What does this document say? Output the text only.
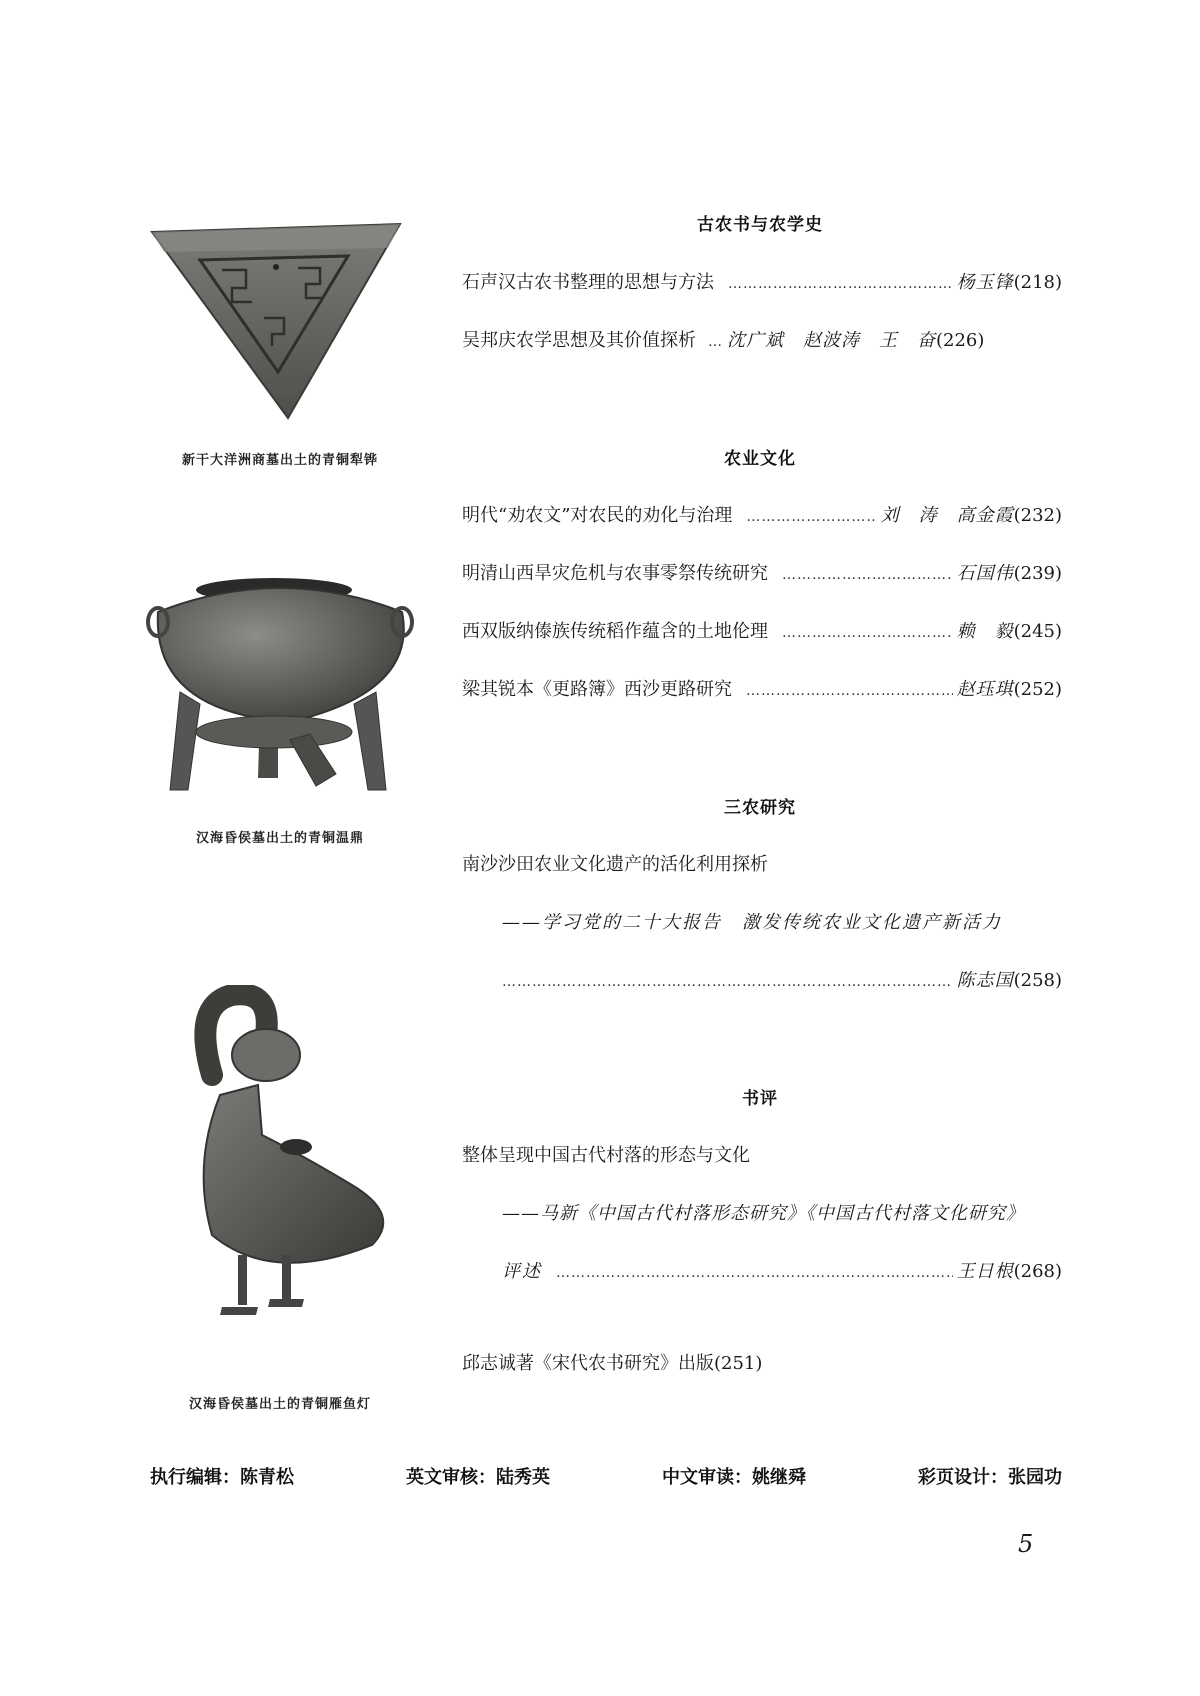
新干大洋洲商墓出土的青铜犁铧
汉海昏侯墓出土的青铜温鼎
汉海昏侯墓出土的青铜雁鱼灯
古农书与农学史
石声汉古农书整理的思想与方法 …………………………………………………………………………………………………………………………………………	杨玉锋 (218)
吴邦庆农学思想及其价值探析 … 沈广斌　赵波涛　王　奋 (226)
农业文化
明代“劝农文”对农民的劝化与治理 …………………………………………………………………………………………………………………………………………	刘　涛　高金霞 (232)
明清山西旱灾危机与农事零祭传统研究 …………………………………………………………………………………………………………………………………………	石国伟 (239)
西双版纳傣族传统稻作蕴含的土地伦理 …………………………………………………………………………………………………………………………………………	赖　毅 (245)
梁其锐本《更路簿》西沙更路研究 …………………………………………………………………………………………………………………………………………	赵珏琪 (252)
三农研究
南沙沙田农业文化遗产的活化利用探析
——学习党的二十大报告　激发传统农业文化遗产新活力
…………………………………………………………………………………………………………………………………………
陈志国 (258)
书评
整体呈现中国古代村落的形态与文化
——马新《中国古代村落形态研究》《中国古代村落文化研究》
评述 …………………………………………………………………………………………………………………………………………	王日根 (268)
邱志诚著《宋代农书研究》出版(251)
执行编辑：陈青松	英文审核：陆秀英	中文审读：姚继舜	彩页设计：张园功
5
